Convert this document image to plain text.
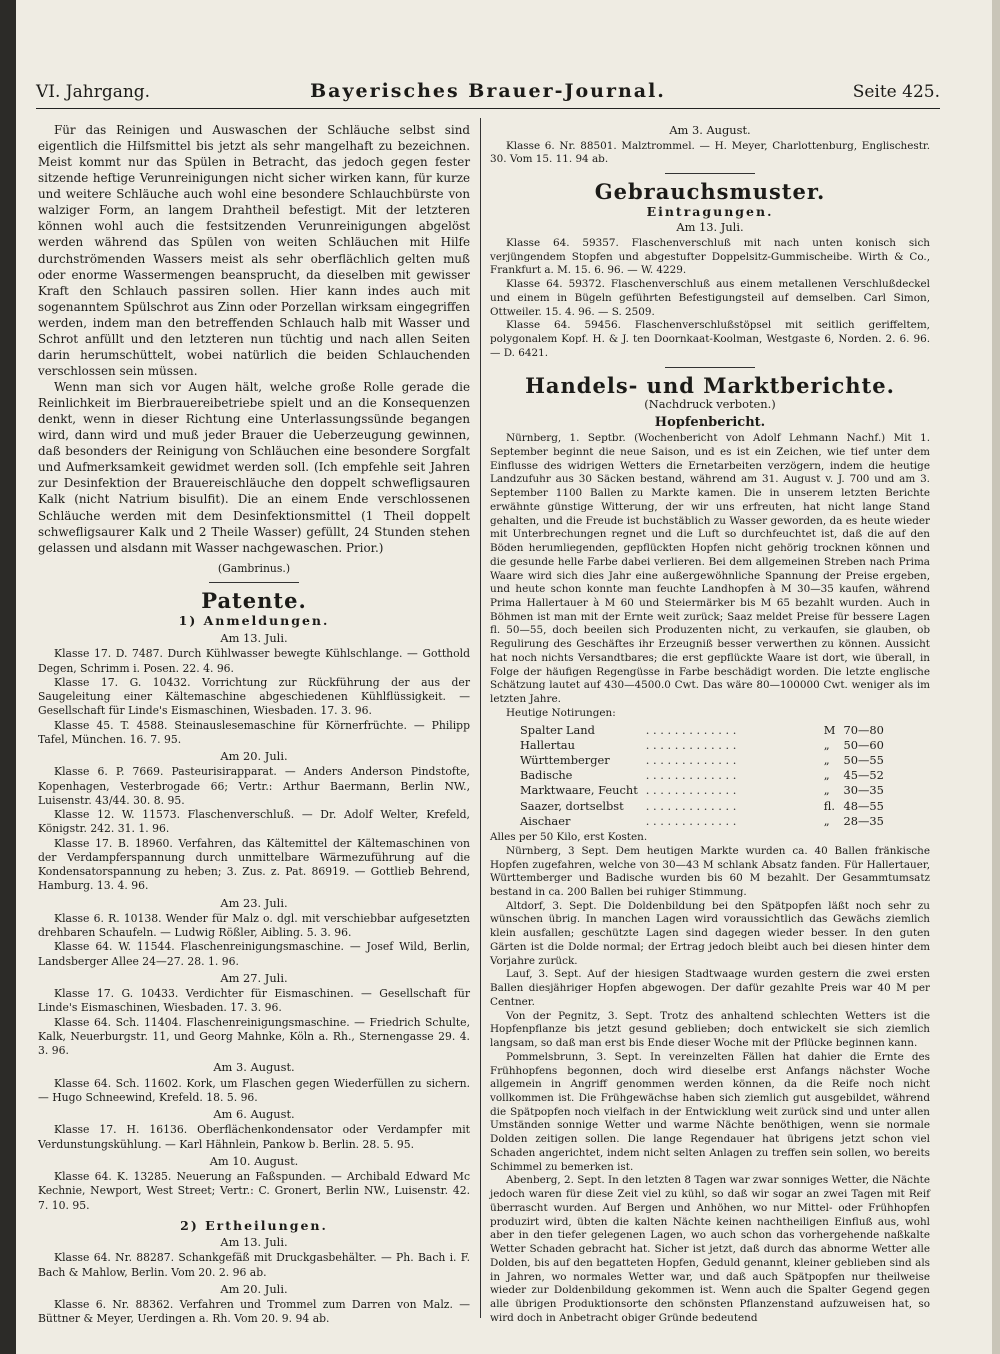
VI. Jahrgang.	Bayerisches Brauer-Journal.	Seite 425.

Für das Reinigen und Auswaschen der Schläuche selbst sind eigentlich die Hilfsmittel bis jetzt als sehr mangelhaft zu bezeichnen. Meist kommt nur das Spülen in Betracht, das jedoch gegen fester sitzende heftige Verunreinigungen nicht sicher wirken kann, für kurze und weitere Schläuche auch wohl eine besondere Schlauchbürste von walziger Form, an langem Drahtheil befestigt. Mit der letzteren können wohl auch die festsitzenden Verunreinigungen abgelöst werden während das Spülen von weiten Schläuchen mit Hilfe durchströmenden Wassers meist als sehr oberflächlich gelten muß oder enorme Wassermengen beansprucht, da dieselben mit gewisser Kraft den Schlauch passiren sollen. Hier kann indes auch mit sogenanntem Spülschrot aus Zinn oder Porzellan wirksam eingegriffen werden, indem man den betreffenden Schlauch halb mit Wasser und Schrot anfüllt und den letzteren nun tüchtig und nach allen Seiten darin herumschüttelt, wobei natürlich die beiden Schlauchenden verschlossen sein müssen.

Wenn man sich vor Augen hält, welche große Rolle gerade die Reinlichkeit im Bierbrauereibetriebe spielt und an die Konsequenzen denkt, wenn in dieser Richtung eine Unterlassungssünde begangen wird, dann wird und muß jeder Brauer die Ueberzeugung gewinnen, daß besonders der Reinigung von Schläuchen eine besondere Sorgfalt und Aufmerksamkeit gewidmet werden soll. (Ich empfehle seit Jahren zur Desinfektion der Brauereischläuche den doppelt schwefligsauren Kalk (nicht Natrium bisulfit). Die an einem Ende verschlossenen Schläuche werden mit dem Desinfektionsmittel (1 Theil doppelt schwefligsaurer Kalk und 2 Theile Wasser) gefüllt, 24 Stunden stehen gelassen und alsdann mit Wasser nachgewaschen. Prior.)

(Gambrinus.)

Patente.
1) Anmeldungen.
Am 13. Juli.

Klasse 17. D. 7487. Durch Kühlwasser bewegte Kühlschlange. — Gotthold Degen, Schrimm i. Posen. 22. 4. 96.

Klasse 17. G. 10432. Vorrichtung zur Rückführung der aus der Saugeleitung einer Kältemaschine abgeschiedenen Kühlflüssigkeit. — Gesellschaft für Linde's Eismaschinen, Wiesbaden. 17. 3. 96.

Klasse 45. T. 4588. Steinauslesemaschine für Körnerfrüchte. — Philipp Tafel, München. 16. 7. 95.

Am 20. Juli.

Klasse 6. P. 7669. Pasteurisirapparat. — Anders Anderson Pindstofte, Kopenhagen, Vesterbrogade 66; Vertr.: Arthur Baermann, Berlin NW., Luisenstr. 43/44. 30. 8. 95.

Klasse 12. W. 11573. Flaschenverschluß. — Dr. Adolf Welter, Krefeld, Königstr. 242. 31. 1. 96.

Klasse 17. B. 18960. Verfahren, das Kältemittel der Kältemaschinen von der Verdampferspannung durch unmittelbare Wärmezuführung auf die Kondensatorspannung zu heben; 3. Zus. z. Pat. 86919. — Gottlieb Behrend, Hamburg. 13. 4. 96.

Am 23. Juli.

Klasse 6. R. 10138. Wender für Malz o. dgl. mit verschiebbar aufgesetzten drehbaren Schaufeln. — Ludwig Rößler, Aibling. 5. 3. 96.

Klasse 64. W. 11544. Flaschenreinigungsmaschine. — Josef Wild, Berlin, Landsberger Allee 24—27. 28. 1. 96.

Am 27. Juli.

Klasse 17. G. 10433. Verdichter für Eismaschinen. — Gesellschaft für Linde's Eismaschinen, Wiesbaden. 17. 3. 96.

Klasse 64. Sch. 11404. Flaschenreinigungsmaschine. — Friedrich Schulte, Kalk, Neuerburgstr. 11, und Georg Mahnke, Köln a. Rh., Sternengasse 29. 4. 3. 96.

Am 3. August.

Klasse 64. Sch. 11602. Kork, um Flaschen gegen Wiederfüllen zu sichern. — Hugo Schneewind, Krefeld. 18. 5. 96.

Am 6. August.

Klasse 17. H. 16136. Oberflächenkondensator oder Verdampfer mit Verdunstungskühlung. — Karl Hähnlein, Pankow b. Berlin. 28. 5. 95.

Am 10. August.

Klasse 64. K. 13285. Neuerung an Faßspunden. — Archibald Edward Mc Kechnie, Newport, West Street; Vertr.: C. Gronert, Berlin NW., Luisenstr. 42. 7. 10. 95.

2) Ertheilungen.
Am 13. Juli.

Klasse 64. Nr. 88287. Schankgefäß mit Druckgasbehälter. — Ph. Bach i. F. Bach & Mahlow, Berlin. Vom 20. 2. 96 ab.

Am 20. Juli.

Klasse 6. Nr. 88362. Verfahren und Trommel zum Darren von Malz. — Büttner & Meyer, Uerdingen a. Rh. Vom 20. 9. 94 ab.

Am 3. August.

Klasse 6. Nr. 88501. Malztrommel. — H. Meyer, Charlottenburg, Englischestr. 30. Vom 15. 11. 94 ab.

Gebrauchsmuster.
Eintragungen.
Am 13. Juli.

Klasse 64. 59357. Flaschenverschluß mit nach unten konisch sich verjüngendem Stopfen und abgestufter Doppelsitz-Gummischeibe. Wirth & Co., Frankfurt a. M. 15. 6. 96. — W. 4229.

Klasse 64. 59372. Flaschenverschluß aus einem metallenen Verschlußdeckel und einem in Bügeln geführten Befestigungsteil auf demselben. Carl Simon, Ottweiler. 15. 4. 96. — S. 2509.

Klasse 64. 59456. Flaschenverschlußstöpsel mit seitlich geriffeltem, polygonalem Kopf. H. & J. ten Doornkaat-Koolman, Westgaste 6, Norden. 2. 6. 96. — D. 6421.

Handels- und Marktberichte.
(Nachdruck verboten.)
Hopfenbericht.

Nürnberg, 1. Septbr. (Wochenbericht von Adolf Lehmann Nachf.) Mit 1. September beginnt die neue Saison, und es ist ein Zeichen, wie tief unter dem Einflusse des widrigen Wetters die Ernetarbeiten verzögern, indem die heutige Landzufuhr aus 30 Säcken bestand, während am 31. August v. J. 700 und am 3. September 1100 Ballen zu Markte kamen. Die in unserem letzten Berichte erwähnte günstige Witterung, der wir uns erfreuten, hat nicht lange Stand gehalten, und die Freude ist buchstäblich zu Wasser geworden, da es heute wieder mit Unterbrechungen regnet und die Luft so durchfeuchtet ist, daß die auf den Böden herumliegenden, gepflückten Hopfen nicht gehörig trocknen können und die gesunde helle Farbe dabei verlieren. Bei dem allgemeinen Streben nach Prima Waare wird sich dies Jahr eine außergewöhnliche Spannung der Preise ergeben, und heute schon konnte man feuchte Landhopfen à M 30—35 kaufen, während Prima Hallertauer à M 60 und Steiermärker bis M 65 bezahlt wurden. Auch in Böhmen ist man mit der Ernte weit zurück; Saaz meldet Preise für bessere Lagen fl. 50—55, doch beeilen sich Produzenten nicht, zu verkaufen, sie glauben, ob Regulirung des Geschäftes ihr Erzeugniß besser verwerthen zu können. Aussicht hat noch nichts Versandtbares; die erst gepflückte Waare ist dort, wie überall, in Folge der häufigen Regengüsse in Farbe beschädigt worden. Die letzte englische Schätzung lautet auf 430—4500.0 Cwt. Das wäre 80—100000 Cwt. weniger als im letzten Jahre.

Heutige Notirungen:

Spalter Land	. . .	M	70—80
Hallertau	. . .	„	50—60
Württemberger	. . .	„	50—55
Badische	. . .	„	45—52
Marktwaare, Feucht	. . .	„	30—35
Saazer, dortselbst	. . .	fl.	48—55
Aischaer	. . .	„	28—35

Alles per 50 Kilo, erst Kosten.

Nürnberg, 3 Sept. Dem heutigen Markte wurden ca. 40 Ballen fränkische Hopfen zugefahren, welche von 30—43 M schlank Absatz fanden. Für Hallertauer, Württemberger und Badische wurden bis 60 M bezahlt. Der Gesammtumsatz bestand in ca. 200 Ballen bei ruhiger Stimmung.

Altdorf, 3. Sept. Die Doldenbildung bei den Spätpopfen läßt noch sehr zu wünschen übrig. In manchen Lagen wird voraussichtlich das Gewächs ziemlich klein ausfallen; geschützte Lagen sind dagegen wieder besser. In den guten Gärten ist die Dolde normal; der Ertrag jedoch bleibt auch bei diesen hinter dem Vorjahre zurück.

Lauf, 3. Sept. Auf der hiesigen Stadtwaage wurden gestern die zwei ersten Ballen diesjähriger Hopfen abgewogen. Der dafür gezahlte Preis war 40 M per Centner.

Von der Pegnitz, 3. Sept. Trotz des anhaltend schlechten Wetters ist die Hopfenpflanze bis jetzt gesund geblieben; doch entwickelt sie sich ziemlich langsam, so daß man erst bis Ende dieser Woche mit der Pflücke beginnen kann.

Pommelsbrunn, 3. Sept. In vereinzelten Fällen hat dahier die Ernte des Frühhopfens begonnen, doch wird dieselbe erst Anfangs nächster Woche allgemein in Angriff genommen werden können, da die Reife noch nicht vollkommen ist. Die Frühgewächse haben sich ziemlich gut ausgebildet, während die Spätpopfen noch vielfach in der Entwicklung weit zurück sind und unter allen Umständen sonnige Wetter und warme Nächte benöthigen, wenn sie normale Dolden zeitigen sollen. Die lange Regendauer hat übrigens jetzt schon viel Schaden angerichtet, indem nicht selten Anlagen zu treffen sein sollen, wo bereits Schimmel zu bemerken ist.

Abenberg, 2. Sept. In den letzten 8 Tagen war zwar sonniges Wetter, die Nächte jedoch waren für diese Zeit viel zu kühl, so daß wir sogar an zwei Tagen mit Reif überrascht wurden. Auf Bergen und Anhöhen, wo nur Mittel- oder Frühhopfen produzirt wird, übten die kalten Nächte keinen nachtheiligen Einfluß aus, wohl aber in den tiefer gelegenen Lagen, wo auch schon das vorhergehende naßkalte Wetter Schaden gebracht hat. Sicher ist jetzt, daß durch das abnorme Wetter alle Dolden, bis auf den begatteten Hopfen, Geduld genannt, kleiner geblieben sind als in Jahren, wo normales Wetter war, und daß auch Spätpopfen nur theilweise wieder zur Doldenbildung gekommen ist. Wenn auch die Spalter Gegend gegen alle übrigen Produktionsorte den schönsten Pflanzenstand aufzuweisen hat, so wird doch in Anbetracht obiger Gründe bedeutend
